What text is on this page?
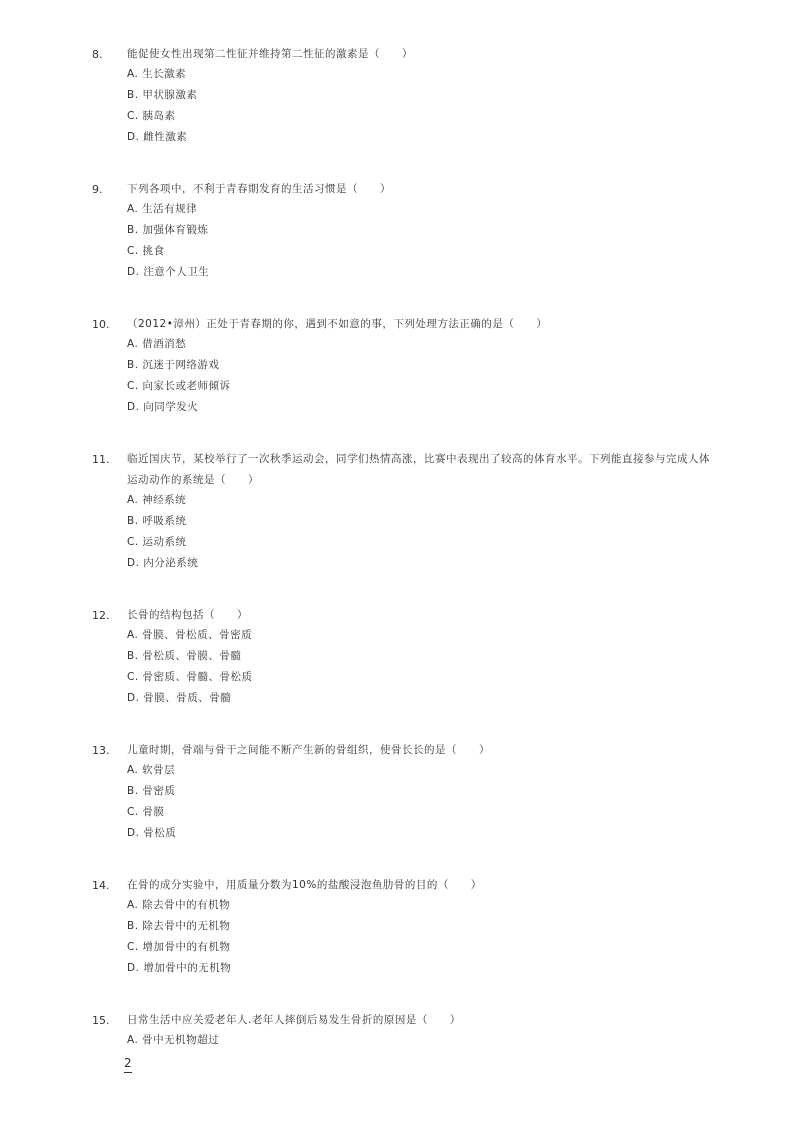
8.	能促使女性出现第二性征并维持第二性征的激素是（　　）
A. 生长激素
B. 甲状腺激素
C. 胰岛素
D. 雌性激素
9.	下列各项中，不利于青春期发育的生活习惯是（　　）
A. 生活有规律
B. 加强体育锻炼
C. 挑食
D. 注意个人卫生
10.	（2012•漳州）正处于青春期的你，遇到不如意的事，下列处理方法正确的是（　　）
A. 借酒消愁
B. 沉迷于网络游戏
C. 向家长或老师倾诉
D. 向同学发火
11.	临近国庆节，某校举行了一次秋季运动会，同学们热情高涨，比赛中表现出了较高的体育水平。下列能直接参与完成人体运动动作的系统是（　　）
A. 神经系统
B. 呼吸系统
C. 运动系统
D. 内分泌系统
12.	长骨的结构包括（　　）
A. 骨膜、骨松质、骨密质
B. 骨松质、骨膜、骨髓
C. 骨密质、骨髓、骨松质
D. 骨膜、骨质、骨髓
13.	儿童时期，骨端与骨干之间能不断产生新的骨组织，使骨长长的是（　　）
A. 软骨层
B. 骨密质
C. 骨膜
D. 骨松质
14.	在骨的成分实验中，用质量分数为10%的盐酸浸泡鱼肋骨的目的（　　）
A. 除去骨中的有机物
B. 除去骨中的无机物
C. 增加骨中的有机物
D. 增加骨中的无机物
15.	日常生活中应关爱老年人.老年人摔倒后易发生骨折的原因是（　　）
A. 骨中无机物超过
2
